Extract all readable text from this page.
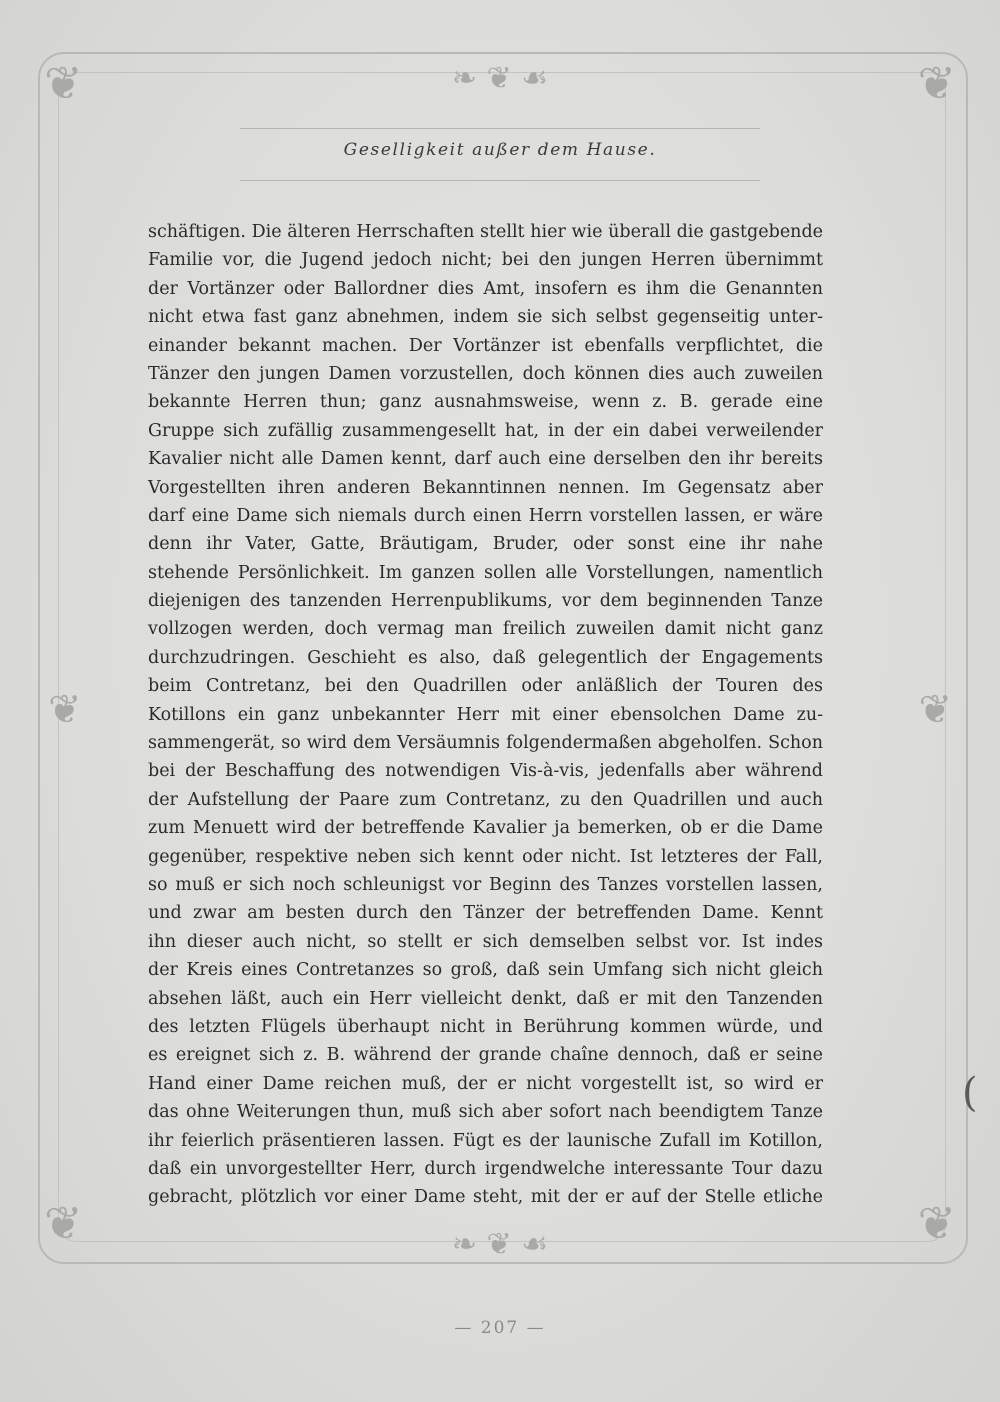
❦	❦
❦	❦
❧ ❦ ☙
❧ ❦ ☙
❦	❦
Geselligkeit außer dem Hause.
schäftigen. Die älteren Herrschaften stellt hier wie überall die gastgebende
Familie vor, die Jugend jedoch nicht; bei den jungen Herren übernimmt
der Vortänzer oder Ballordner dies Amt, insofern es ihm die Genannten
nicht etwa fast ganz abnehmen, indem sie sich selbst gegenseitig unter-
einander bekannt machen. Der Vortänzer ist ebenfalls verpflichtet, die
Tänzer den jungen Damen vorzustellen, doch können dies auch zuweilen
bekannte Herren thun; ganz ausnahmsweise, wenn z. B. gerade eine
Gruppe sich zufällig zusammengesellt hat, in der ein dabei verweilender
Kavalier nicht alle Damen kennt, darf auch eine derselben den ihr bereits
Vorgestellten ihren anderen Bekanntinnen nennen. Im Gegensatz aber
darf eine Dame sich niemals durch einen Herrn vorstellen lassen, er wäre
denn ihr Vater, Gatte, Bräutigam, Bruder, oder sonst eine ihr nahe
stehende Persönlichkeit. Im ganzen sollen alle Vorstellungen, namentlich
diejenigen des tanzenden Herrenpublikums, vor dem beginnenden Tanze
vollzogen werden, doch vermag man freilich zuweilen damit nicht ganz
durchzudringen. Geschieht es also, daß gelegentlich der Engagements
beim Contretanz, bei den Quadrillen oder anläßlich der Touren des
Kotillons ein ganz unbekannter Herr mit einer ebensolchen Dame zu-
sammengerät, so wird dem Versäumnis folgendermaßen abgeholfen. Schon
bei der Beschaffung des notwendigen Vis-à-vis, jedenfalls aber während
der Aufstellung der Paare zum Contretanz, zu den Quadrillen und auch
zum Menuett wird der betreffende Kavalier ja bemerken, ob er die Dame
gegenüber, respektive neben sich kennt oder nicht. Ist letzteres der Fall,
so muß er sich noch schleunigst vor Beginn des Tanzes vorstellen lassen,
und zwar am besten durch den Tänzer der betreffenden Dame. Kennt
ihn dieser auch nicht, so stellt er sich demselben selbst vor. Ist indes
der Kreis eines Contretanzes so groß, daß sein Umfang sich nicht gleich
absehen läßt, auch ein Herr vielleicht denkt, daß er mit den Tanzenden
des letzten Flügels überhaupt nicht in Berührung kommen würde, und
es ereignet sich z. B. während der grande chaîne dennoch, daß er seine
Hand einer Dame reichen muß, der er nicht vorgestellt ist, so wird er
das ohne Weiterungen thun, muß sich aber sofort nach beendigtem Tanze
ihr feierlich präsentieren lassen. Fügt es der launische Zufall im Kotillon,
daß ein unvorgestellter Herr, durch irgendwelche interessante Tour dazu
gebracht, plötzlich vor einer Dame steht, mit der er auf der Stelle etliche
(
— 207 —
